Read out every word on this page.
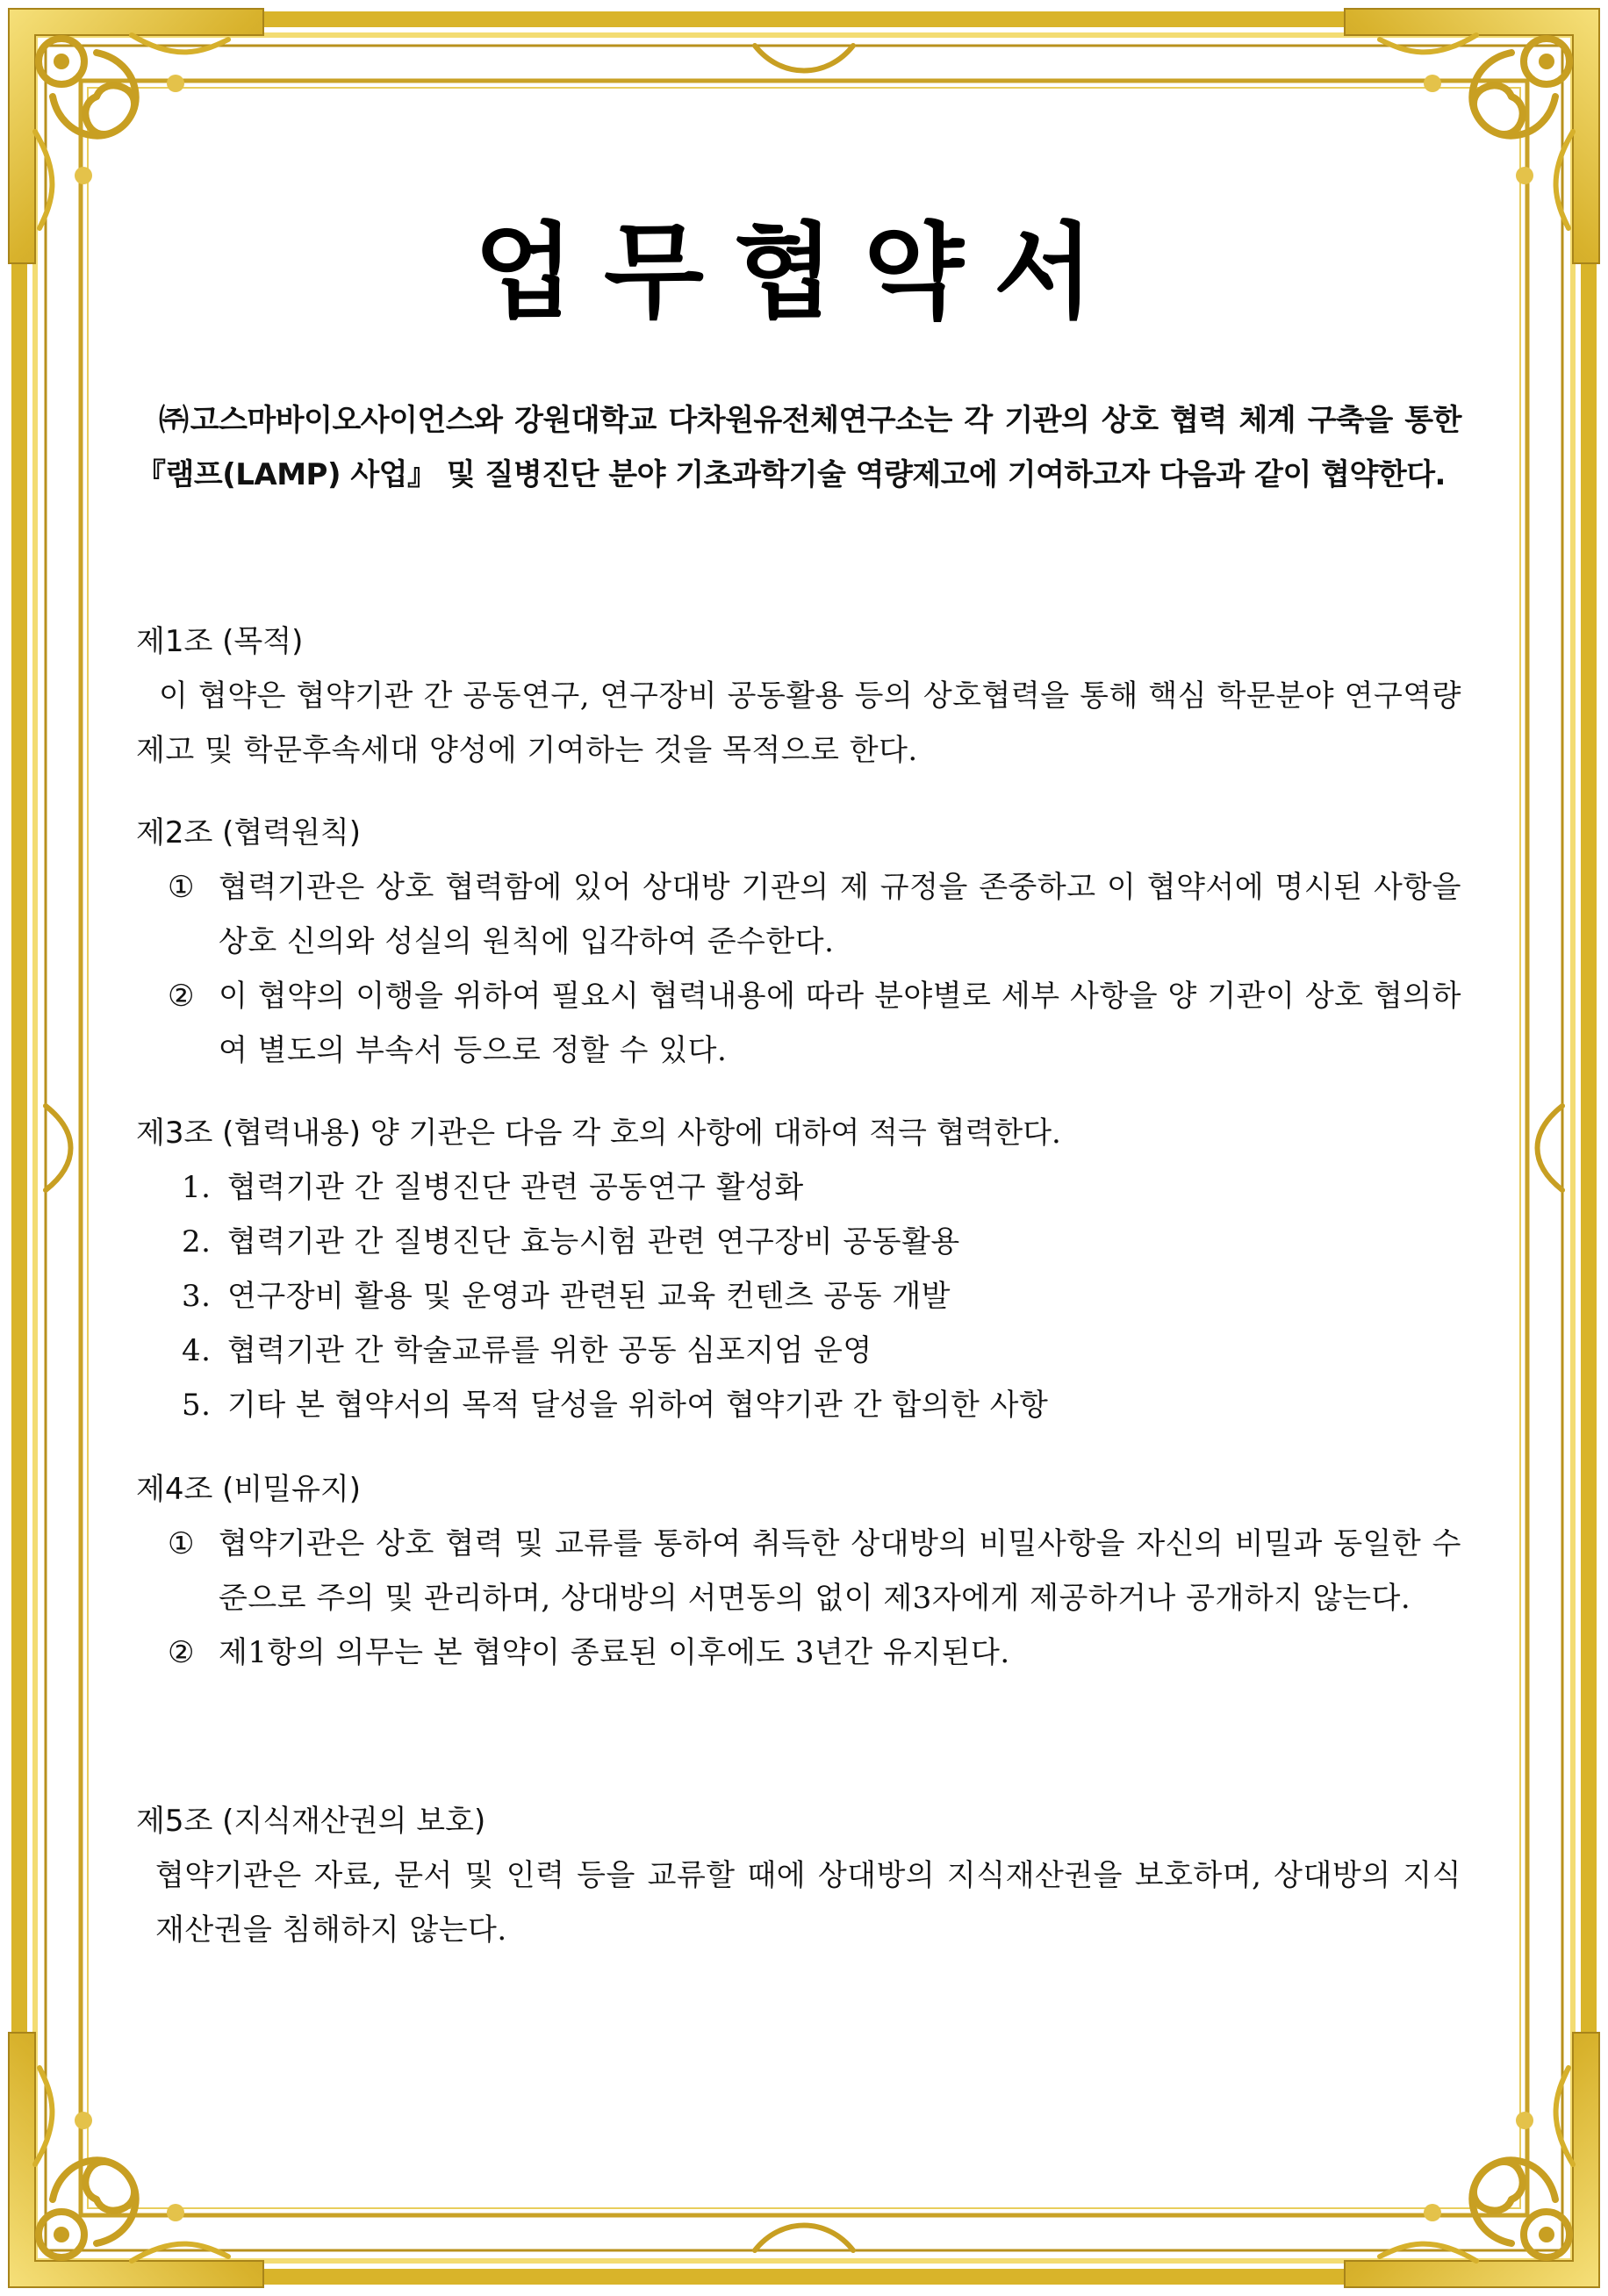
업무협약서
㈜고스마바이오사이언스와 강원대학교 다차원유전체연구소는 각 기관의 상호 협력 체계 구축을 통한 『램프(LAMP) 사업』 및 질병진단 분야 기초과학기술 역량제고에 기여하고자 다음과 같이 협약한다.
제1조 (목적)
이 협약은 협약기관 간 공동연구, 연구장비 공동활용 등의 상호협력을 통해 핵심 학문분야 연구역량 제고 및 학문후속세대 양성에 기여하는 것을 목적으로 한다.
제2조 (협력원칙)
① 협력기관은 상호 협력함에 있어 상대방 기관의 제 규정을 존중하고 이 협약서에 명시된 사항을 상호 신의와 성실의 원칙에 입각하여 준수한다.
② 이 협약의 이행을 위하여 필요시 협력내용에 따라 분야별로 세부 사항을 양 기관이 상호 협의하여 별도의 부속서 등으로 정할 수 있다.
제3조 (협력내용) 양 기관은 다음 각 호의 사항에 대하여 적극 협력한다.
1. 협력기관 간 질병진단 관련 공동연구 활성화
2. 협력기관 간 질병진단 효능시험 관련 연구장비 공동활용
3. 연구장비 활용 및 운영과 관련된 교육 컨텐츠 공동 개발
4. 협력기관 간 학술교류를 위한 공동 심포지엄 운영
5. 기타 본 협약서의 목적 달성을 위하여 협약기관 간 합의한 사항
제4조 (비밀유지)
① 협약기관은 상호 협력 및 교류를 통하여 취득한 상대방의 비밀사항을 자신의 비밀과 동일한 수준으로 주의 및 관리하며, 상대방의 서면동의 없이 제3자에게 제공하거나 공개하지 않는다.
② 제1항의 의무는 본 협약이 종료된 이후에도 3년간 유지된다.
제5조 (지식재산권의 보호)
협약기관은 자료, 문서 및 인력 등을 교류할 때에 상대방의 지식재산권을 보호하며, 상대방의 지식재산권을 침해하지 않는다.
